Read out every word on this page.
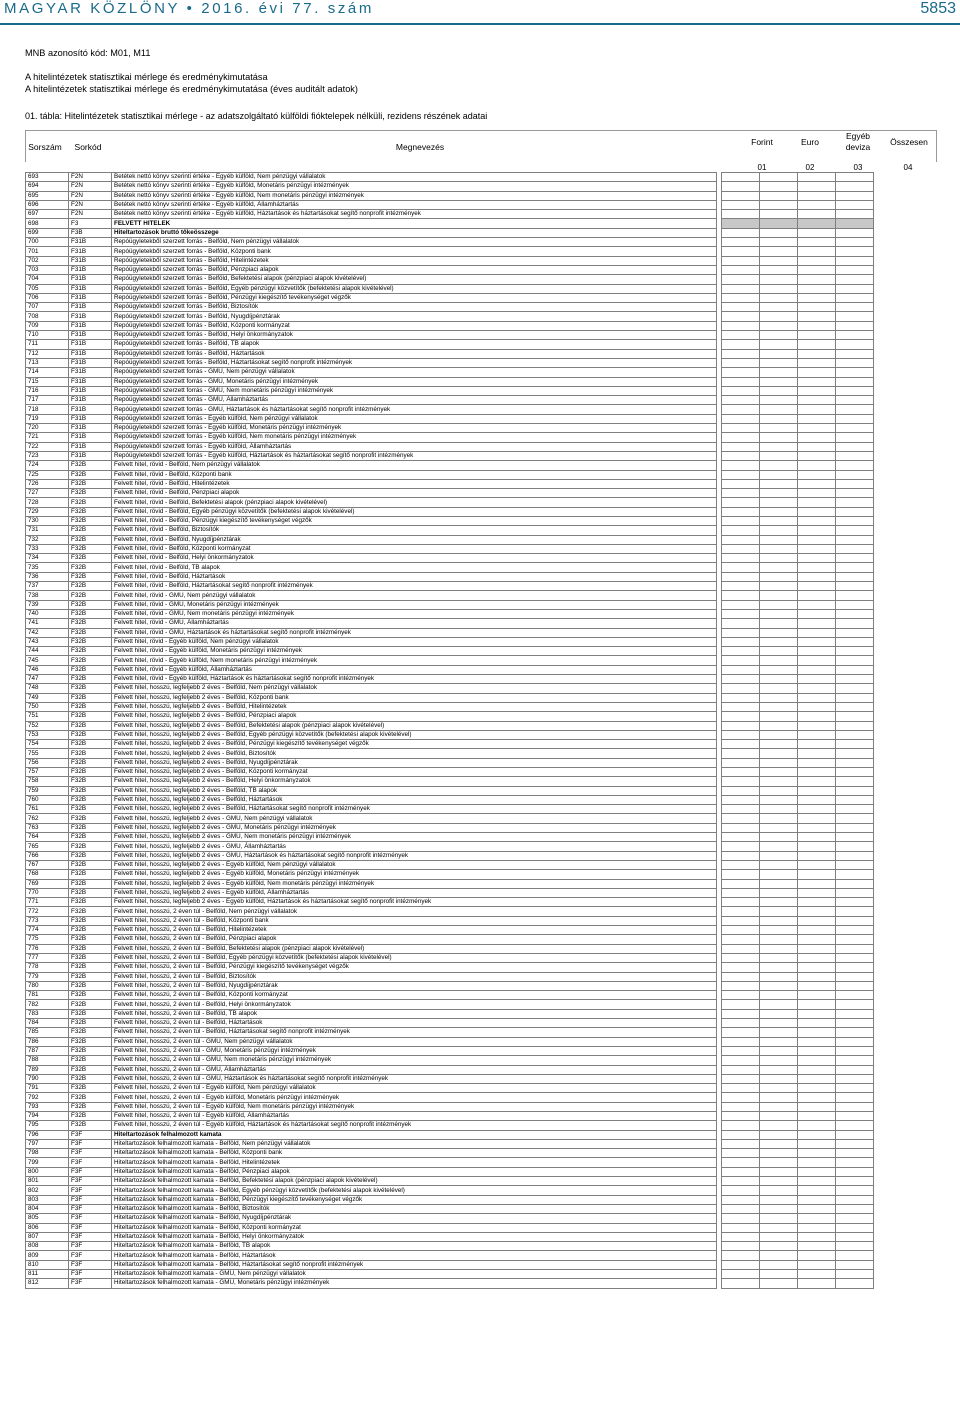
MAGYAR KÖZLÖNY • 2016. évi 77. szám	5853
MNB azonosító kód: M01, M11
A hitelintézetek statisztikai mérlege és eredménykimutatása
A hitelintézetek statisztikai mérlege és eredménykimutatása (éves auditált adatok)
01. tábla: Hitelintézetek statisztikai mérlege - az adatszolgáltató külföldi fióktelepek nélküli, rezidens részének adatai
Sorszám	Sorkód	Megnevezés	Forint	Euro
Egyéb
deviza	Összesen
01	02	03	04
693	F2N	Betétek nettó könyv szerinti értéke - Egyéb külföld, Nem pénzügyi vállalatok					
694	F2N	Betétek nettó könyv szerinti értéke - Egyéb külföld, Monetáris pénzügyi intézmények					
695	F2N	Betétek nettó könyv szerinti értéke - Egyéb külföld, Nem monetáris pénzügyi intézmények					
696	F2N	Betétek nettó könyv szerinti értéke - Egyéb külföld, Államháztartás					
697	F2N	Betétek nettó könyv szerinti értéke - Egyéb külföld, Háztartások és háztartásokat segítő nonprofit intézmények					
698	F3	FELVETT HITELEK					
699	F3B	Hiteltartozások bruttó tőkeösszege					
700	F31B	Repóügyletekből szerzett forrás - Belföld, Nem pénzügyi vállalatok					
701	F31B	Repóügyletekből szerzett forrás - Belföld, Központi bank					
702	F31B	Repóügyletekből szerzett forrás - Belföld, Hitelintézetek					
703	F31B	Repóügyletekből szerzett forrás - Belföld, Pénzpiaci alapok					
704	F31B	Repóügyletekből szerzett forrás - Belföld, Befektetési alapok (pénzpiaci alapok kivételével)					
705	F31B	Repóügyletekből szerzett forrás - Belföld, Egyéb pénzügyi közvetítők (befektetési alapok kivételével)					
706	F31B	Repóügyletekből szerzett forrás - Belföld, Pénzügyi kiegészítő tevékenységet végzők					
707	F31B	Repóügyletekből szerzett forrás - Belföld, Biztosítók					
708	F31B	Repóügyletekből szerzett forrás - Belföld, Nyugdíjpénztárak					
709	F31B	Repóügyletekből szerzett forrás - Belföld, Központi kormányzat					
710	F31B	Repóügyletekből szerzett forrás - Belföld, Helyi önkormányzatok					
711	F31B	Repóügyletekből szerzett forrás - Belföld, TB alapok					
712	F31B	Repóügyletekből szerzett forrás - Belföld, Háztartások					
713	F31B	Repóügyletekből szerzett forrás - Belföld, Háztartásokat segítő nonprofit intézmények					
714	F31B	Repóügyletekből szerzett forrás - GMU, Nem pénzügyi vállalatok					
715	F31B	Repóügyletekből szerzett forrás - GMU, Monetáris pénzügyi intézmények					
716	F31B	Repóügyletekből szerzett forrás - GMU, Nem monetáris pénzügyi intézmények					
717	F31B	Repóügyletekből szerzett forrás - GMU, Államháztartás					
718	F31B	Repóügyletekből szerzett forrás - GMU, Háztartások és háztartásokat segítő nonprofit intézmények					
719	F31B	Repóügyletekből szerzett forrás - Egyéb külföld, Nem pénzügyi vállalatok					
720	F31B	Repóügyletekből szerzett forrás - Egyéb külföld, Monetáris pénzügyi intézmények					
721	F31B	Repóügyletekből szerzett forrás - Egyéb külföld, Nem monetáris pénzügyi intézmények					
722	F31B	Repóügyletekből szerzett forrás - Egyéb külföld, Államháztartás					
723	F31B	Repóügyletekből szerzett forrás - Egyéb külföld, Háztartások és háztartásokat segítő nonprofit intézmények					
724	F32B	Felvett hitel, rövid - Belföld, Nem pénzügyi vállalatok					
725	F32B	Felvett hitel, rövid - Belföld, Központi bank					
726	F32B	Felvett hitel, rövid - Belföld, Hitelintézetek					
727	F32B	Felvett hitel, rövid - Belföld, Pénzpiaci alapok					
728	F32B	Felvett hitel, rövid - Belföld, Befektetési alapok (pénzpiaci alapok kivételével)					
729	F32B	Felvett hitel, rövid - Belföld, Egyéb pénzügyi közvetítők (befektetési alapok kivételével)					
730	F32B	Felvett hitel, rövid - Belföld, Pénzügyi kiegészítő tevékenységet végzők					
731	F32B	Felvett hitel, rövid - Belföld, Biztosítók					
732	F32B	Felvett hitel, rövid - Belföld, Nyugdíjpénztárak					
733	F32B	Felvett hitel, rövid - Belföld, Központi kormányzat					
734	F32B	Felvett hitel, rövid - Belföld, Helyi önkormányzatok					
735	F32B	Felvett hitel, rövid - Belföld, TB alapok					
736	F32B	Felvett hitel, rövid - Belföld, Háztartások					
737	F32B	Felvett hitel, rövid - Belföld, Háztartásokat segítő nonprofit intézmények					
738	F32B	Felvett hitel, rövid - GMU, Nem pénzügyi vállalatok					
739	F32B	Felvett hitel, rövid - GMU, Monetáris pénzügyi intézmények					
740	F32B	Felvett hitel, rövid - GMU, Nem monetáris pénzügyi intézmények					
741	F32B	Felvett hitel, rövid - GMU, Államháztartás					
742	F32B	Felvett hitel, rövid - GMU, Háztartások és háztartásokat segítő nonprofit intézmények					
743	F32B	Felvett hitel, rövid - Egyéb külföld, Nem pénzügyi vállalatok					
744	F32B	Felvett hitel, rövid - Egyéb külföld, Monetáris pénzügyi intézmények					
745	F32B	Felvett hitel, rövid - Egyéb külföld, Nem monetáris pénzügyi intézmények					
746	F32B	Felvett hitel, rövid - Egyéb külföld, Államháztartás					
747	F32B	Felvett hitel, rövid - Egyéb külföld, Háztartások és háztartásokat segítő nonprofit intézmények					
748	F32B	Felvett hitel, hosszú, legfeljebb 2 éves - Belföld, Nem pénzügyi vállalatok					
749	F32B	Felvett hitel, hosszú, legfeljebb 2 éves - Belföld, Központi bank					
750	F32B	Felvett hitel, hosszú, legfeljebb 2 éves - Belföld, Hitelintézetek					
751	F32B	Felvett hitel, hosszú, legfeljebb 2 éves - Belföld, Pénzpiaci alapok					
752	F32B	Felvett hitel, hosszú, legfeljebb 2 éves - Belföld, Befektetési alapok (pénzpiaci alapok kivételével)					
753	F32B	Felvett hitel, hosszú, legfeljebb 2 éves - Belföld, Egyéb pénzügyi közvetítők (befektetési alapok kivételével)					
754	F32B	Felvett hitel, hosszú, legfeljebb 2 éves - Belföld, Pénzügyi kiegészítő tevékenységet végzők					
755	F32B	Felvett hitel, hosszú, legfeljebb 2 éves - Belföld, Biztosítók					
756	F32B	Felvett hitel, hosszú, legfeljebb 2 éves - Belföld, Nyugdíjpénztárak					
757	F32B	Felvett hitel, hosszú, legfeljebb 2 éves - Belföld, Központi kormányzat					
758	F32B	Felvett hitel, hosszú, legfeljebb 2 éves - Belföld, Helyi önkormányzatok					
759	F32B	Felvett hitel, hosszú, legfeljebb 2 éves - Belföld, TB alapok					
760	F32B	Felvett hitel, hosszú, legfeljebb 2 éves - Belföld, Háztartások					
761	F32B	Felvett hitel, hosszú, legfeljebb 2 éves - Belföld, Háztartásokat segítő nonprofit intézmények					
762	F32B	Felvett hitel, hosszú, legfeljebb 2 éves - GMU, Nem pénzügyi vállalatok					
763	F32B	Felvett hitel, hosszú, legfeljebb 2 éves - GMU, Monetáris pénzügyi intézmények					
764	F32B	Felvett hitel, hosszú, legfeljebb 2 éves - GMU, Nem monetáris pénzügyi intézmények					
765	F32B	Felvett hitel, hosszú, legfeljebb 2 éves - GMU, Államháztartás					
766	F32B	Felvett hitel, hosszú, legfeljebb 2 éves - GMU, Háztartások és háztartásokat segítő nonprofit intézmények					
767	F32B	Felvett hitel, hosszú, legfeljebb 2 éves - Egyéb külföld, Nem pénzügyi vállalatok					
768	F32B	Felvett hitel, hosszú, legfeljebb 2 éves - Egyéb külföld, Monetáris pénzügyi intézmények					
769	F32B	Felvett hitel, hosszú, legfeljebb 2 éves - Egyéb külföld, Nem monetáris pénzügyi intézmények					
770	F32B	Felvett hitel, hosszú, legfeljebb 2 éves - Egyéb külföld, Államháztartás					
771	F32B	Felvett hitel, hosszú, legfeljebb 2 éves - Egyéb külföld, Háztartások és háztartásokat segítő nonprofit intézmények					
772	F32B	Felvett hitel, hosszú, 2 éven túl - Belföld, Nem pénzügyi vállalatok					
773	F32B	Felvett hitel, hosszú, 2 éven túl - Belföld, Központi bank					
774	F32B	Felvett hitel, hosszú, 2 éven túl - Belföld, Hitelintézetek					
775	F32B	Felvett hitel, hosszú, 2 éven túl - Belföld, Pénzpiaci alapok					
776	F32B	Felvett hitel, hosszú, 2 éven túl - Belföld, Befektetési alapok (pénzpiaci alapok kivételével)					
777	F32B	Felvett hitel, hosszú, 2 éven túl - Belföld, Egyéb pénzügyi közvetítők (befektetési alapok kivételével)					
778	F32B	Felvett hitel, hosszú, 2 éven túl - Belföld, Pénzügyi kiegészítő tevékenységet végzők					
779	F32B	Felvett hitel, hosszú, 2 éven túl - Belföld, Biztosítók					
780	F32B	Felvett hitel, hosszú, 2 éven túl - Belföld, Nyugdíjpénztárak					
781	F32B	Felvett hitel, hosszú, 2 éven túl - Belföld, Központi kormányzat					
782	F32B	Felvett hitel, hosszú, 2 éven túl - Belföld, Helyi önkormányzatok					
783	F32B	Felvett hitel, hosszú, 2 éven túl - Belföld, TB alapok					
784	F32B	Felvett hitel, hosszú, 2 éven túl - Belföld, Háztartások					
785	F32B	Felvett hitel, hosszú, 2 éven túl - Belföld, Háztartásokat segítő nonprofit intézmények					
786	F32B	Felvett hitel, hosszú, 2 éven túl - GMU, Nem pénzügyi vállalatok					
787	F32B	Felvett hitel, hosszú, 2 éven túl - GMU, Monetáris pénzügyi intézmények					
788	F32B	Felvett hitel, hosszú, 2 éven túl - GMU, Nem monetáris pénzügyi intézmények					
789	F32B	Felvett hitel, hosszú, 2 éven túl - GMU, Államháztartás					
790	F32B	Felvett hitel, hosszú, 2 éven túl - GMU, Háztartások és háztartásokat segítő nonprofit intézmények					
791	F32B	Felvett hitel, hosszú, 2 éven túl - Egyéb külföld, Nem pénzügyi vállalatok					
792	F32B	Felvett hitel, hosszú, 2 éven túl - Egyéb külföld, Monetáris pénzügyi intézmények					
793	F32B	Felvett hitel, hosszú, 2 éven túl - Egyéb külföld, Nem monetáris pénzügyi intézmények					
794	F32B	Felvett hitel, hosszú, 2 éven túl - Egyéb külföld, Államháztartás					
795	F32B	Felvett hitel, hosszú, 2 éven túl - Egyéb külföld, Háztartások és háztartásokat segítő nonprofit intézmények					
796	F3F	Hiteltartozások felhalmozott kamata					
797	F3F	Hiteltartozások felhalmozott kamata - Belföld, Nem pénzügyi vállalatok					
798	F3F	Hiteltartozások felhalmozott kamata - Belföld, Központi bank					
799	F3F	Hiteltartozások felhalmozott kamata - Belföld, Hitelintézetek					
800	F3F	Hiteltartozások felhalmozott kamata - Belföld, Pénzpiaci alapok					
801	F3F	Hiteltartozások felhalmozott kamata - Belföld, Befektetési alapok (pénzpiaci alapok kivételével)					
802	F3F	Hiteltartozások felhalmozott kamata - Belföld, Egyéb pénzügyi közvetítők (befektetési alapok kivételével)					
803	F3F	Hiteltartozások felhalmozott kamata - Belföld, Pénzügyi kiegészítő tevékenységet végzők					
804	F3F	Hiteltartozások felhalmozott kamata - Belföld, Biztosítók					
805	F3F	Hiteltartozások felhalmozott kamata - Belföld, Nyugdíjpénztárak					
806	F3F	Hiteltartozások felhalmozott kamata - Belföld, Központi kormányzat					
807	F3F	Hiteltartozások felhalmozott kamata - Belföld, Helyi önkormányzatok					
808	F3F	Hiteltartozások felhalmozott kamata - Belföld, TB alapok					
809	F3F	Hiteltartozások felhalmozott kamata - Belföld, Háztartások					
810	F3F	Hiteltartozások felhalmozott kamata - Belföld, Háztartásokat segítő nonprofit intézmények					
811	F3F	Hiteltartozások felhalmozott kamata - GMU, Nem pénzügyi vállalatok					
812	F3F	Hiteltartozások felhalmozott kamata - GMU, Monetáris pénzügyi intézmények					
